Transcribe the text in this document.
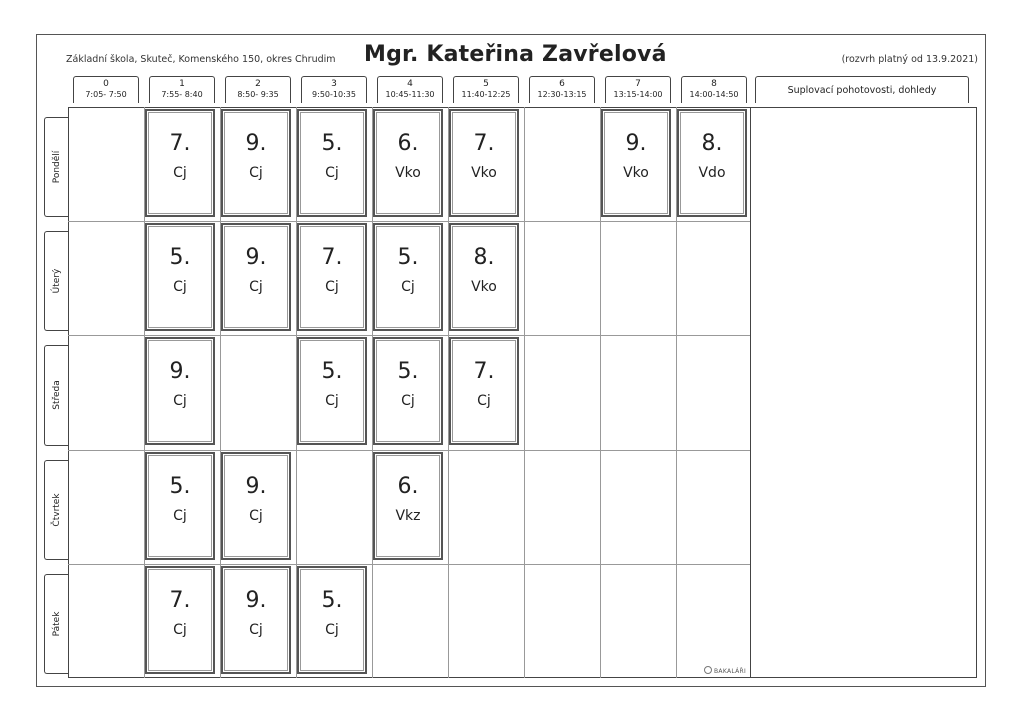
Základní škola, Skuteč, Komenského 150, okres Chrudim Mgr. Kateřina Zavřelová	(rozvrh platný od 13.9.2021)
0
7:05- 7:50
1
7:55- 8:40
2
8:50- 9:35
3
9:50-10:35
4
10:45-11:30
5
11:40-12:25
6
12:30-13:15
7
13:15-14:00
8
14:00-14:50	Suplovací pohotovosti, dohledy
Pondělí
Úterý
Středa
Čtvrtek
Pátek
7.
Cj
9.
Cj
5.
Cj
6.
Vko
7.
Vko
9.
Vko
8.
Vdo
5.
Cj
9.
Cj
7.
Cj
5.
Cj
8.
Vko
9.
Cj
5.
Cj
5.
Cj
7.
Cj
5.
Cj
9.
Cj
6.
Vkz
7.
Cj
9.
Cj
5.
Cj
BAKALÁŘI
